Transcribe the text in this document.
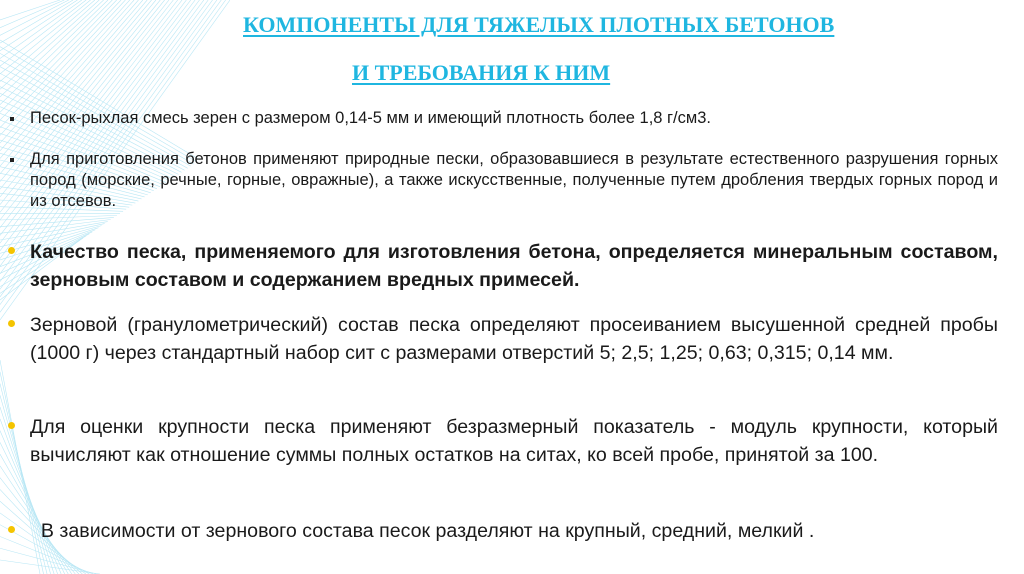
КОМПОНЕНТЫ ДЛЯ ТЯЖЕЛЫХ ПЛОТНЫХ БЕТОНОВ
И ТРЕБОВАНИЯ К НИМ

Песок-рыхлая смесь зерен с размером 0,14-5 мм и имеющий плотность более 1,8 г/см3.

Для приготовления бетонов применяют природные пески, образовавшиеся в результате естественного разрушения горных пород (морские, речные, горные, овражные), а также искусственные, полученные путем дробления твердых горных пород и из отсевов.

Качество песка, применяемого для изготовления бетона, определяется минеральным составом, зерновым составом и содержанием вредных примесей.

Зерновой (гранулометрический) состав песка определяют просеиванием высушенной средней пробы (1000 г) через стандартный набор сит с размерами отверстий 5; 2,5; 1,25; 0,63; 0,315; 0,14 мм.

Для оценки крупности песка применяют безразмерный показатель - модуль крупности, который вычисляют как отношение суммы полных остатков на ситах, ко всей пробе, принятой за 100.

В зависимости от зернового состава песок разделяют на крупный, средний, мелкий .
